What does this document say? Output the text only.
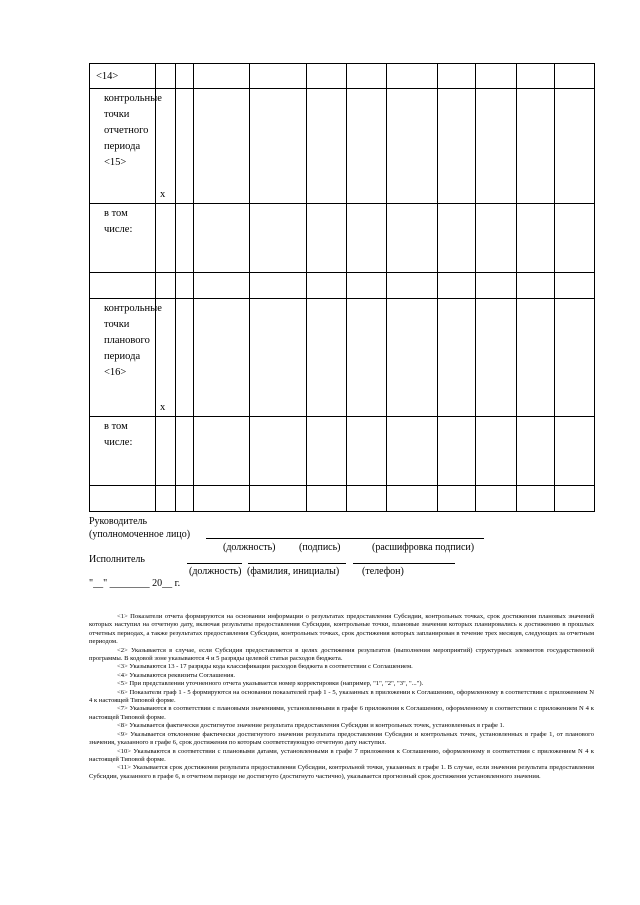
<14>	

контрольные точки отчетного периода <15>	x										

в том числе:	

контрольные точки планового периода <16>	x										

в том числе:	

Руководитель
(уполномоченное лицо)
(должность) (подпись)	(расшифровка подписи)
Исполнитель
(должность) (фамилия, инициалы) (телефон)
"__" ________ 20__ г.

<1> Показатели отчета формируются на основании информации о результатах предоставления Субсидии, контрольных точках, срок достижения плановых значений которых наступил на отчетную дату, включая результаты предоставления Субсидии, контрольные точки, плановые значения которых планировались к достижению в прошлых отчетных периодах, а также результатах предоставления Субсидии, контрольных точках, срок достижения которых запланирован в течение трех месяцев, следующих за отчетным периодом.

<2> Указывается в случае, если Субсидия предоставляется в целях достижения результатов (выполнения мероприятий) структурных элементов государственной программы. В кодовой зоне указываются 4 и 5 разряды целевой статьи расходов бюджета.

<3> Указываются 13 - 17 разряды кода классификации расходов бюджета в соответствии с Соглашением.

<4> Указываются реквизиты Соглашения.

<5> При представлении уточненного отчета указывается номер корректировки (например, "1", "2", "3", "...").

<6> Показатели граф 1 - 5 формируются на основании показателей граф 1 - 5, указанных в приложении к Соглашению, оформленному в соответствии с приложением N 4 к настоящей Типовой форме.

<7> Указываются в соответствии с плановыми значениями, установленными в графе 6 приложения к Соглашению, оформленному в соответствии с приложением N 4 к настоящей Типовой форме.

<8> Указывается фактически достигнутое значение результата предоставления Субсидии и контрольных точек, установленных в графе 1.

<9> Указывается отклонение фактически достигнутого значения результата предоставления Субсидии и контрольных точек, установленных в графе 1, от планового значения, указанного в графе 6, срок достижения по которым соответствующую отчетную дату наступил.

<10> Указываются в соответствии с плановыми датами, установленными в графе 7 приложения к Соглашению, оформленному в соответствии с приложением N 4 к настоящей Типовой форме.

<11> Указывается срок достижения результата предоставления Субсидии, контрольной точки, указанных в графе 1. В случае, если значения результата предоставления Субсидии, указанного в графе 6, в отчетном периоде не достигнуто (достигнуто частично), указывается прогнозный срок достижения установленного значения.
